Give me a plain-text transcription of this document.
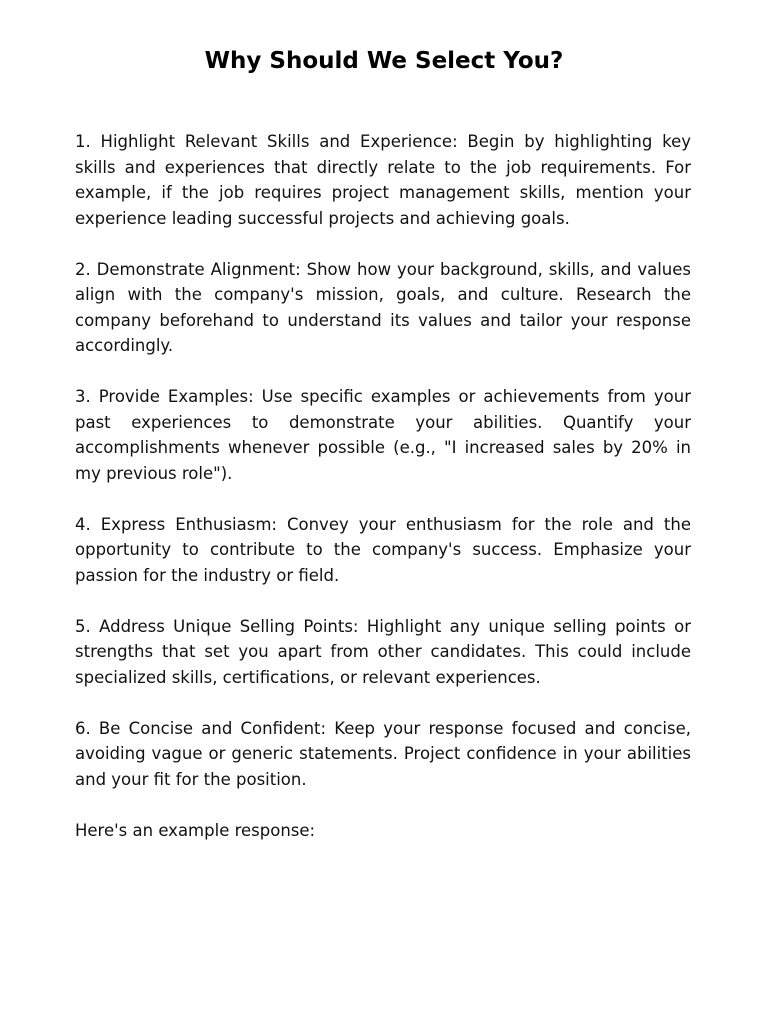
Why Should We Select You?

1. Highlight Relevant Skills and Experience: Begin by highlighting key skills and experiences that directly relate to the job requirements. For example, if the job requires project management skills, mention your experience leading successful projects and achieving goals.

2. Demonstrate Alignment: Show how your background, skills, and values align with the company's mission, goals, and culture. Research the company beforehand to understand its values and tailor your response accordingly.

3. Provide Examples: Use specific examples or achievements from your past experiences to demonstrate your abilities. Quantify your accomplishments whenever possible (e.g., "I increased sales by 20% in my previous role").

4. Express Enthusiasm: Convey your enthusiasm for the role and the opportunity to contribute to the company's success. Emphasize your passion for the industry or field.

5. Address Unique Selling Points: Highlight any unique selling points or strengths that set you apart from other candidates. This could include specialized skills, certifications, or relevant experiences.

6. Be Concise and Confident: Keep your response focused and concise, avoiding vague or generic statements. Project confidence in your abilities and your fit for the position.

Here's an example response:
